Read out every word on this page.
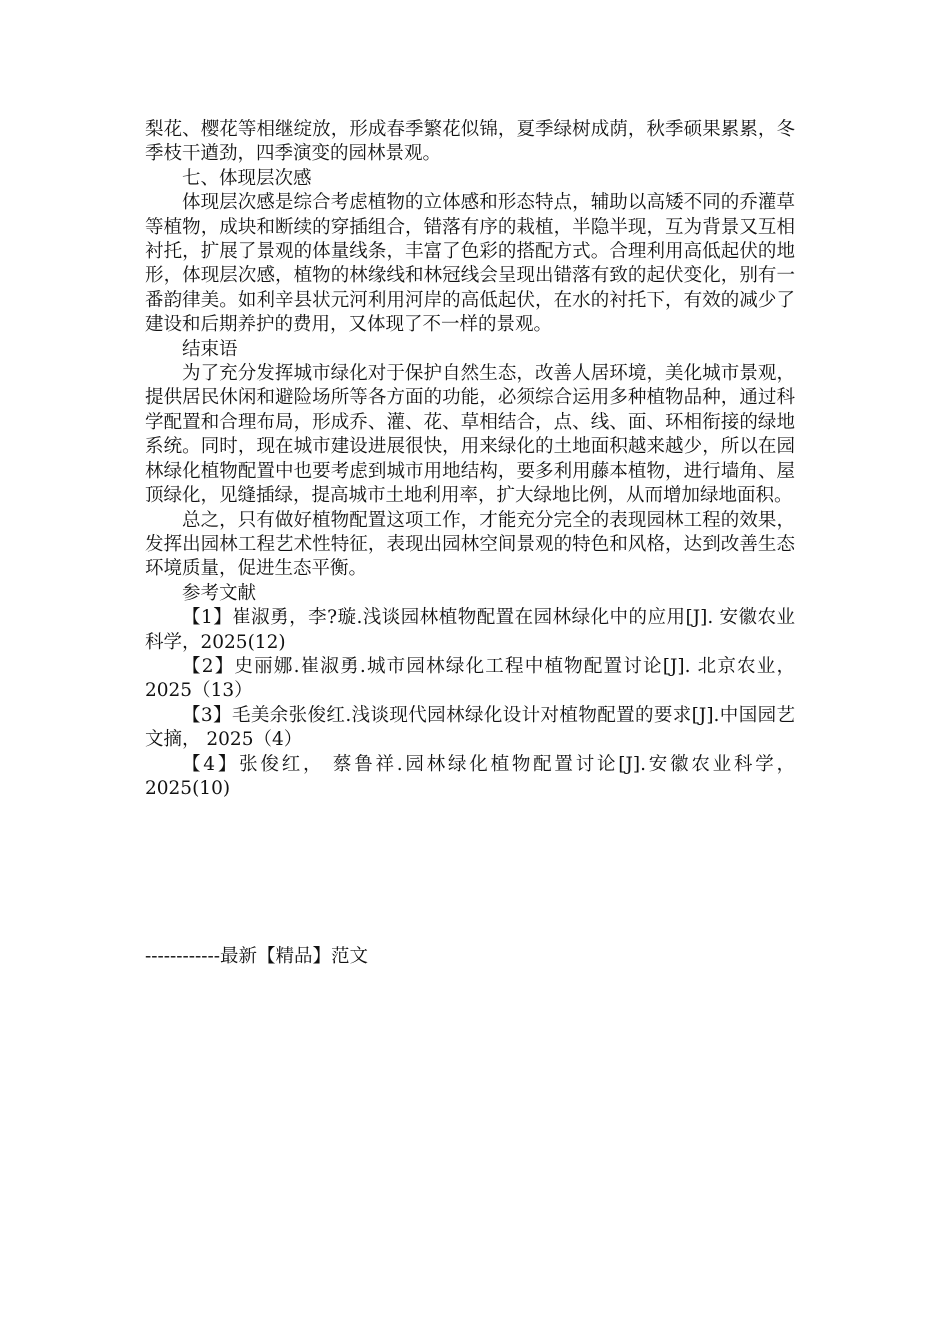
梨花、樱花等相继绽放，形成春季繁花似锦，夏季绿树成荫，秋季硕果累累，冬季枝干遒劲，四季演变的园林景观。

七、体现层次感

体现层次感是综合考虑植物的立体感和形态特点，辅助以高矮不同的乔灌草等植物，成块和断续的穿插组合，错落有序的栽植，半隐半现，互为背景又互相衬托，扩展了景观的体量线条，丰富了色彩的搭配方式。合理利用高低起伏的地形，体现层次感，植物的林缘线和林冠线会呈现出错落有致的起伏变化，别有一番韵律美。如利辛县状元河利用河岸的高低起伏，在水的衬托下，有效的减少了建设和后期养护的费用，又体现了不一样的景观。

结束语

为了充分发挥城市绿化对于保护自然生态，改善人居环境，美化城市景观，提供居民休闲和避险场所等各方面的功能，必须综合运用多种植物品种，通过科学配置和合理布局，形成乔、灌、花、草相结合，点、线、面、环相衔接的绿地系统。同时，现在城市建设进展很快，用来绿化的土地面积越来越少，所以在园林绿化植物配置中也要考虑到城市用地结构，要多利用藤本植物，进行墙角、屋顶绿化，见缝插绿，提高城市土地利用率，扩大绿地比例，从而增加绿地面积。

总之，只有做好植物配置这项工作，才能充分完全的表现园林工程的效果，发挥出园林工程艺术性特征，表现出园林空间景观的特色和风格，达到改善生态环境质量，促进生态平衡。

参考文献

【1】崔淑勇，李?璇.浅谈园林植物配置在园林绿化中的应用[J]. 安徽农业科学，2025(12)

【2】史丽娜.崔淑勇.城市园林绿化工程中植物配置讨论[J]. 北京农业， 2025（13）

【3】毛美余张俊红.浅谈现代园林绿化设计对植物配置的要求[J].中国园艺文摘， 2025（4）

【4】张俊红， 蔡鲁祥.园林绿化植物配置讨论[J].安徽农业科学， 2025(10)

------------最新【精品】范文
